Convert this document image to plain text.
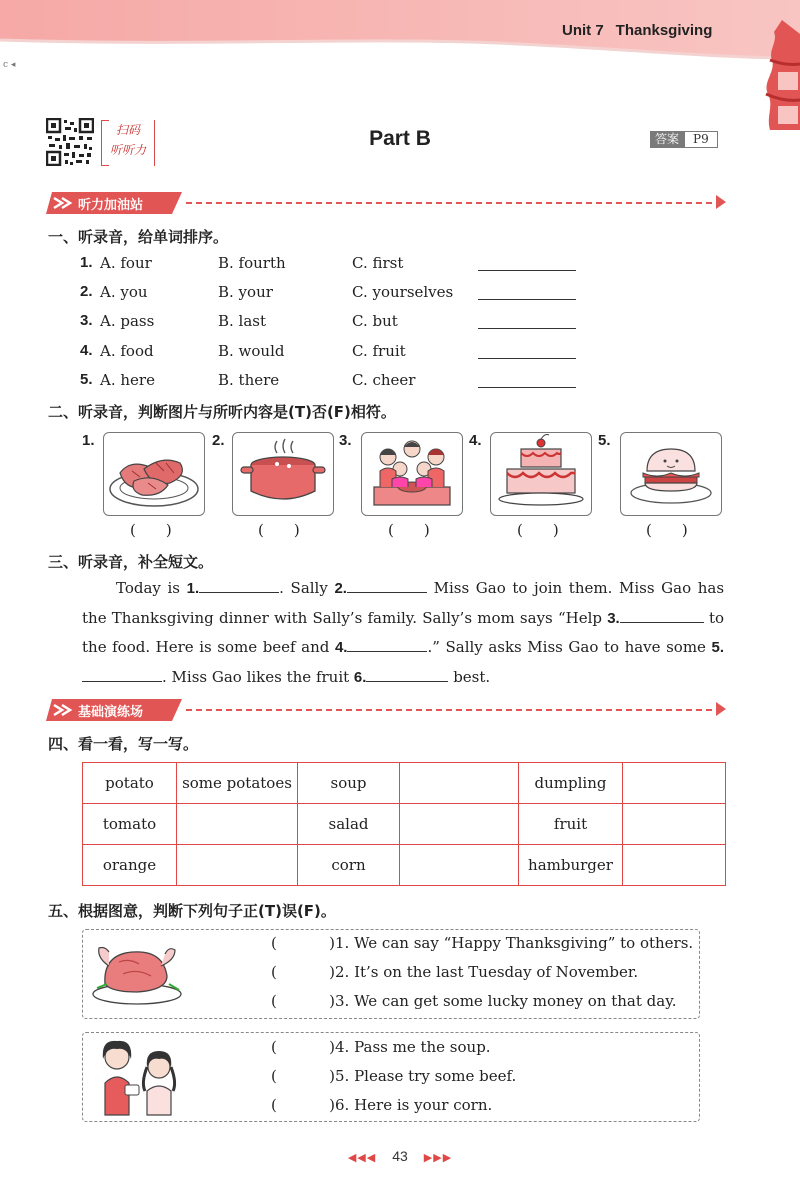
Unit 7 Thanksgiving
c ◂
扫码
听听力	Part B	答案	P9
听力加油站
一、听录音，给单词排序。
1. A. four	B. fourth	C. first
2. A. you	B. your	C. yourselves
3. A. pass	B. last	C. but
4. A. food	B. would	C. fruit
5. A. here	B. there	C. cheer
二、听录音，判断图片与所听内容是(T)否(F)相符。
1.
(　　)
2.
(　　)
3.
(　　)
4.
(　　)
5.
(　　)
三、听录音，补全短文。

Today is 1.	. Sally 2.	Miss Gao to join them. Miss Gao has the Thanksgiving dinner with Sally’s family. Sally’s mom says “Help 3.	to the food. Here is some beef and 4.	.” Sally asks Miss Gao to have some 5.. Miss Gao likes the fruit 6.	best.

基础演练场
四、看一看，写一写。
potato	some potatoes	soup		dumpling	
tomato		salad		fruit	
orange		corn		hamburger	
五、根据图意，判断下列句子正(T)误(F)。
(	) 1. We can say “Happy Thanksgiving” to others.
(	) 2. It’s on the last Tuesday of November.
(	) 3. We can get some lucky money on that day.
(	) 4. Pass me the soup.
(	) 5. Please try some beef.
(	) 6. Here is your corn.
◀◀◀ 43 ▶▶▶
